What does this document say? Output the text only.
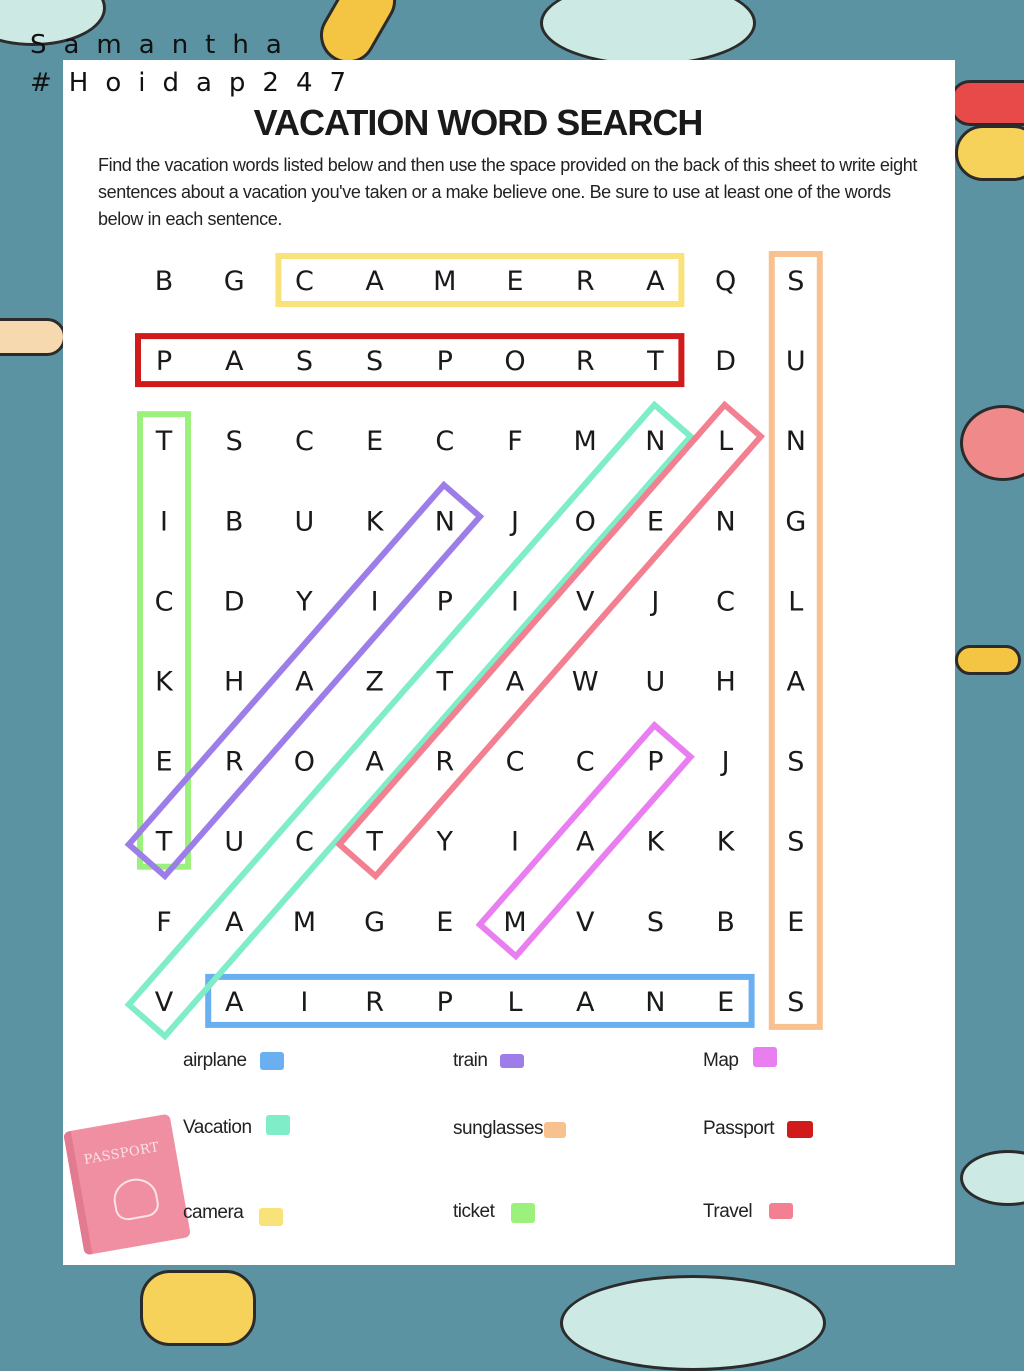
Samantha
#Hoidap247
VACATION WORD SEARCH
Find the vacation words listed below and then use the space provided on the back of this sheet to write eight sentences about a vacation you've taken or a make believe one. Be sure to use at least one of the words below in each sentence.
B G C A M E R A Q S
P A S S P O R T D U
T S C E C F M N L N
I B U K N J O E N G
C D Y I P I V J C L
K H A Z T A W U H A
E R O A R C C P J S
T U C T Y I A K K S
F A M G E M V S B E
V A I R P L A N E S
PASSPORT
airplane	train	Map
Vacation	sunglasses	Passport
camera	ticket	Travel
